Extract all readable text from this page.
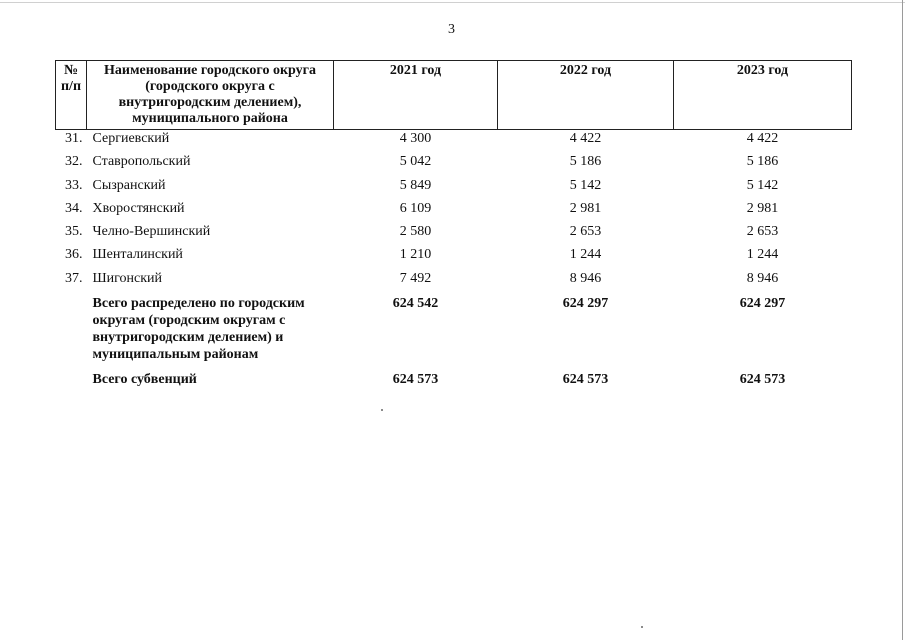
3
№ п/п	Наименование городского округа (городского округа с внутригородским делением), муниципального района	2021 год	2022 год	2023 год
31.	Сергиевский	4 300	4 422	4 422
32.	Ставропольский	5 042	5 186	5 186
33.	Сызранский	5 849	5 142	5 142
34.	Хворостянский	6 109	2 981	2 981
35.	Челно-Вершинский	2 580	2 653	2 653
36.	Шенталинский	1 210	1 244	1 244
37.	Шигонский	7 492	8 946	8 946
	Всего распределено по городским округам (городским округам с внутригородским делением) и муниципальным районам	624 542	624 297	624 297
	Всего субвенций	624 573	624 573	624 573
